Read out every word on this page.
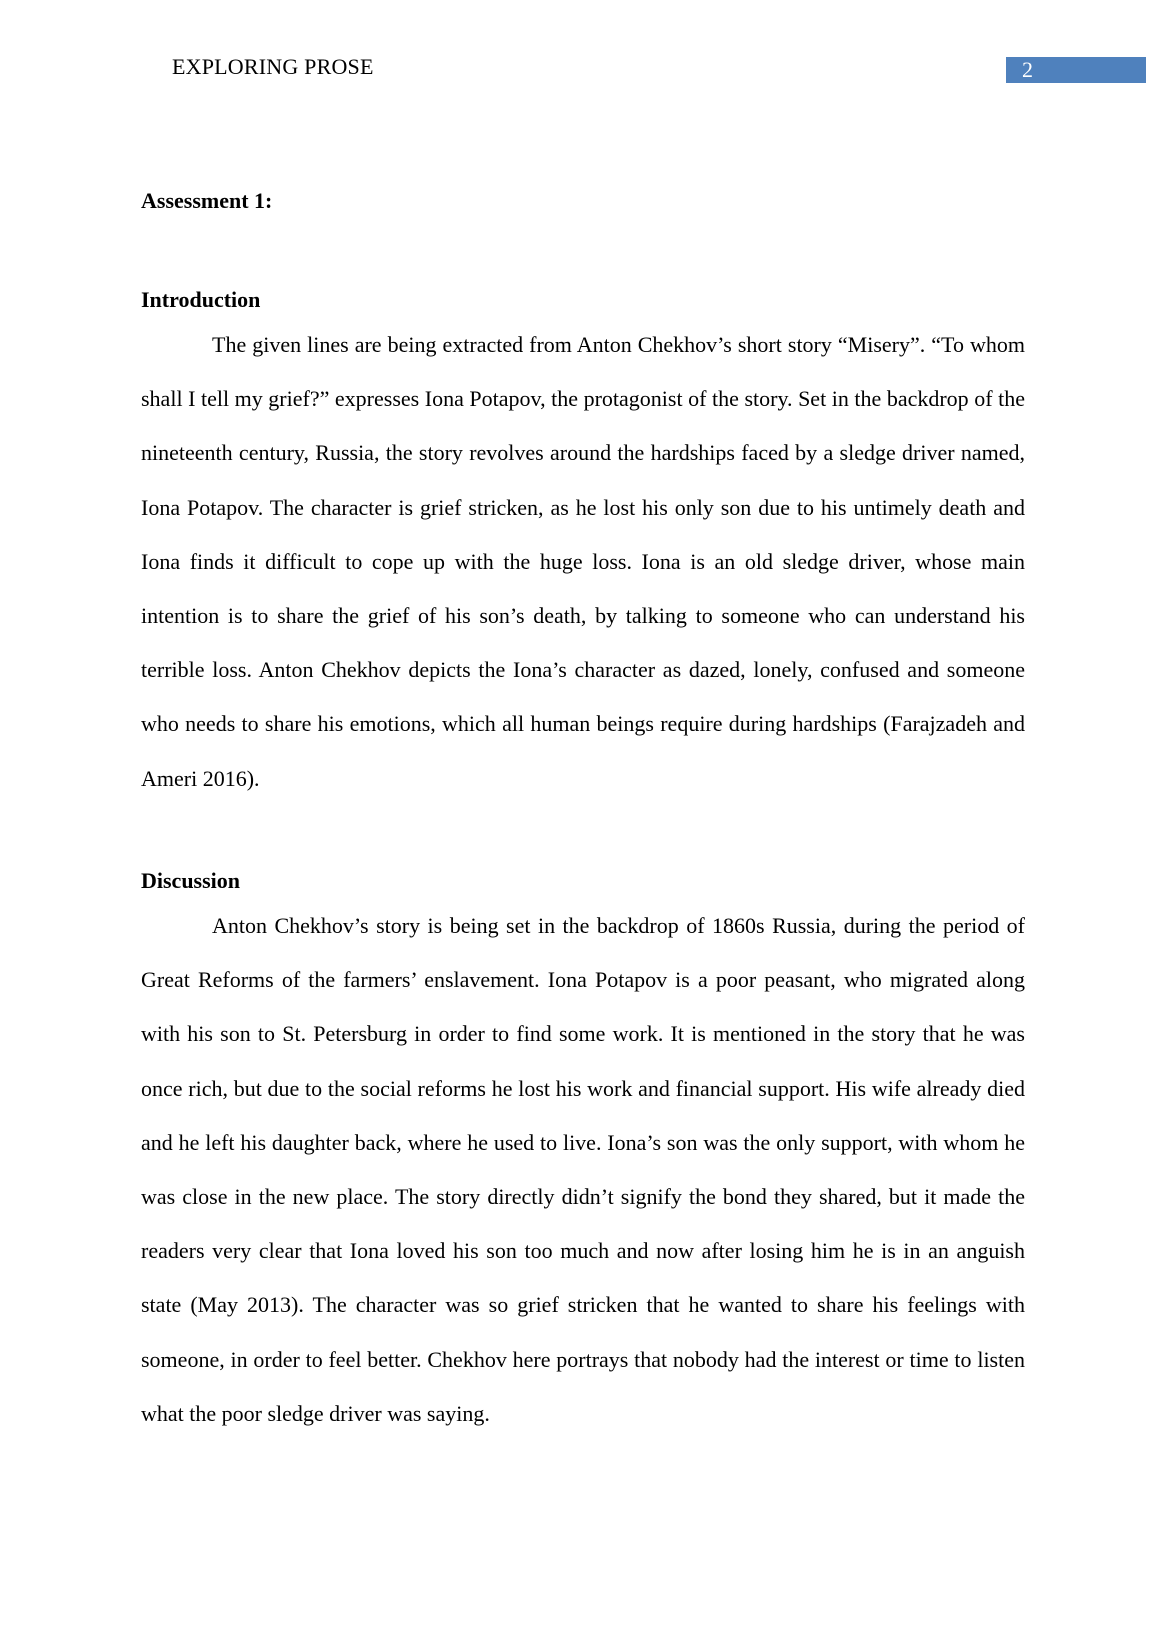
EXPLORING PROSE	2
Assessment 1:
Introduction

The given lines are being extracted from Anton Chekhov’s short story “Misery”. “To whom shall I tell my grief?” expresses Iona Potapov, the protagonist of the story. Set in the backdrop of the nineteenth century, Russia, the story revolves around the hardships faced by a sledge driver named, Iona Potapov. The character is grief stricken, as he lost his only son due to his untimely death and Iona finds it difficult to cope up with the huge loss. Iona is an old sledge driver, whose main intention is to share the grief of his son’s death, by talking to someone who can understand his terrible loss. Anton Chekhov depicts the Iona’s character as dazed, lonely, confused and someone who needs to share his emotions, which all human beings require during hardships (Farajzadeh and Ameri 2016).

Discussion

Anton Chekhov’s story is being set in the backdrop of 1860s Russia, during the period of Great Reforms of the farmers’ enslavement. Iona Potapov is a poor peasant, who migrated along with his son to St. Petersburg in order to find some work. It is mentioned in the story that he was once rich, but due to the social reforms he lost his work and financial support. His wife already died and he left his daughter back, where he used to live. Iona’s son was the only support, with whom he was close in the new place. The story directly didn’t signify the bond they shared, but it made the readers very clear that Iona loved his son too much and now after losing him he is in an anguish state (May 2013). The character was so grief stricken that he wanted to share his feelings with someone, in order to feel better. Chekhov here portrays that nobody had the interest or time to listen what the poor sledge driver was saying.
